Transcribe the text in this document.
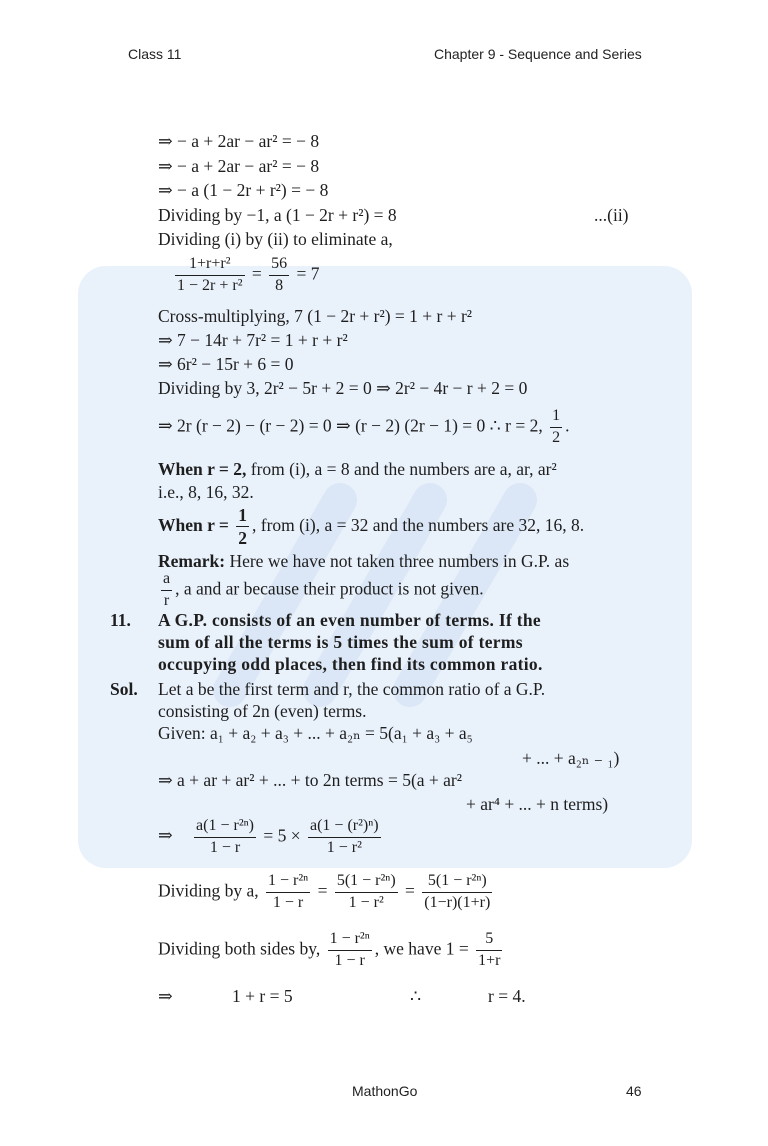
Class 11	Chapter 9 - Sequence and Series
MathonGo	46
⇒ − a + 2ar − ar² = − 8
⇒ − a + 2ar − ar² = − 8
⇒ − a (1 − 2r + r²) = − 8
Dividing by −1, a (1 − 2r + r²) = 8	...(ii)
Dividing (i) by (ii) to eliminate a,
$\frac{\text{1+r+r²}}{\text{1 − 2r + r²}} = \frac{56}{8} = 7$
Cross-multiplying, 7 (1 − 2r + r²) = 1 + r + r²
⇒ 7 − 14r + 7r² = 1 + r + r²
⇒ 6r² − 15r + 6 = 0
Dividing by 3, 2r² − 5r + 2 = 0 ⇒ 2r² − 4r − r + 2 = 0
⇒ 2r (r − 2) − (r − 2) = 0 ⇒ (r − 2) (2r − 1) = 0 ∴ r = 2, $\frac{1}{2}$ .
When r = 2, from (i), a = 8 and the numbers are a, ar, ar²
i.e., 8, 16, 32.
When $r = \frac{1}{2}$ , from (i), a = 32 and the numbers are 32, 16, 8.
Remark: Here we have not taken three numbers in G.P. as
$\frac{a}{r}$ , a and ar because their product is not given.
11. A G.P. consists of an even number of terms. If the
sum of all the terms is 5 times the sum of terms
occupying odd places, then find its common ratio.
Sol. Let a be the first term and r, the common ratio of a G.P.
consisting of 2n (even) terms.
Given: a₁ + a₂ + a₃ + ... + a₂ₙ = 5(a₁ + a₃ + a₅
+ ... + a₂ₙ ₋ ₁)
⇒ a + ar + ar² + ... + to 2n terms = 5(a + ar²
+ ar⁴ + ... + n terms)
⇒ $\frac{\text{a(1 − r²ⁿ)}}{1 - r} = 5 \times \frac{\text{a(1 − (r²)ⁿ)}}{\text{1 − r²}}$
Dividing by a, $\frac{\text{1 − r²ⁿ}}{1 - r} = \frac{\text{5(1 − r²ⁿ)}}{\text{1 − r²}} = \frac{\text{5(1 − r²ⁿ)}}{(1-r)(1+r)}$
Dividing both sides by, $\frac{\text{1 − r²ⁿ}}{1 - r}$ , we have $1 = \frac{5}{1+r}$
⇒	1 + r = 5	∴	r = 4.
